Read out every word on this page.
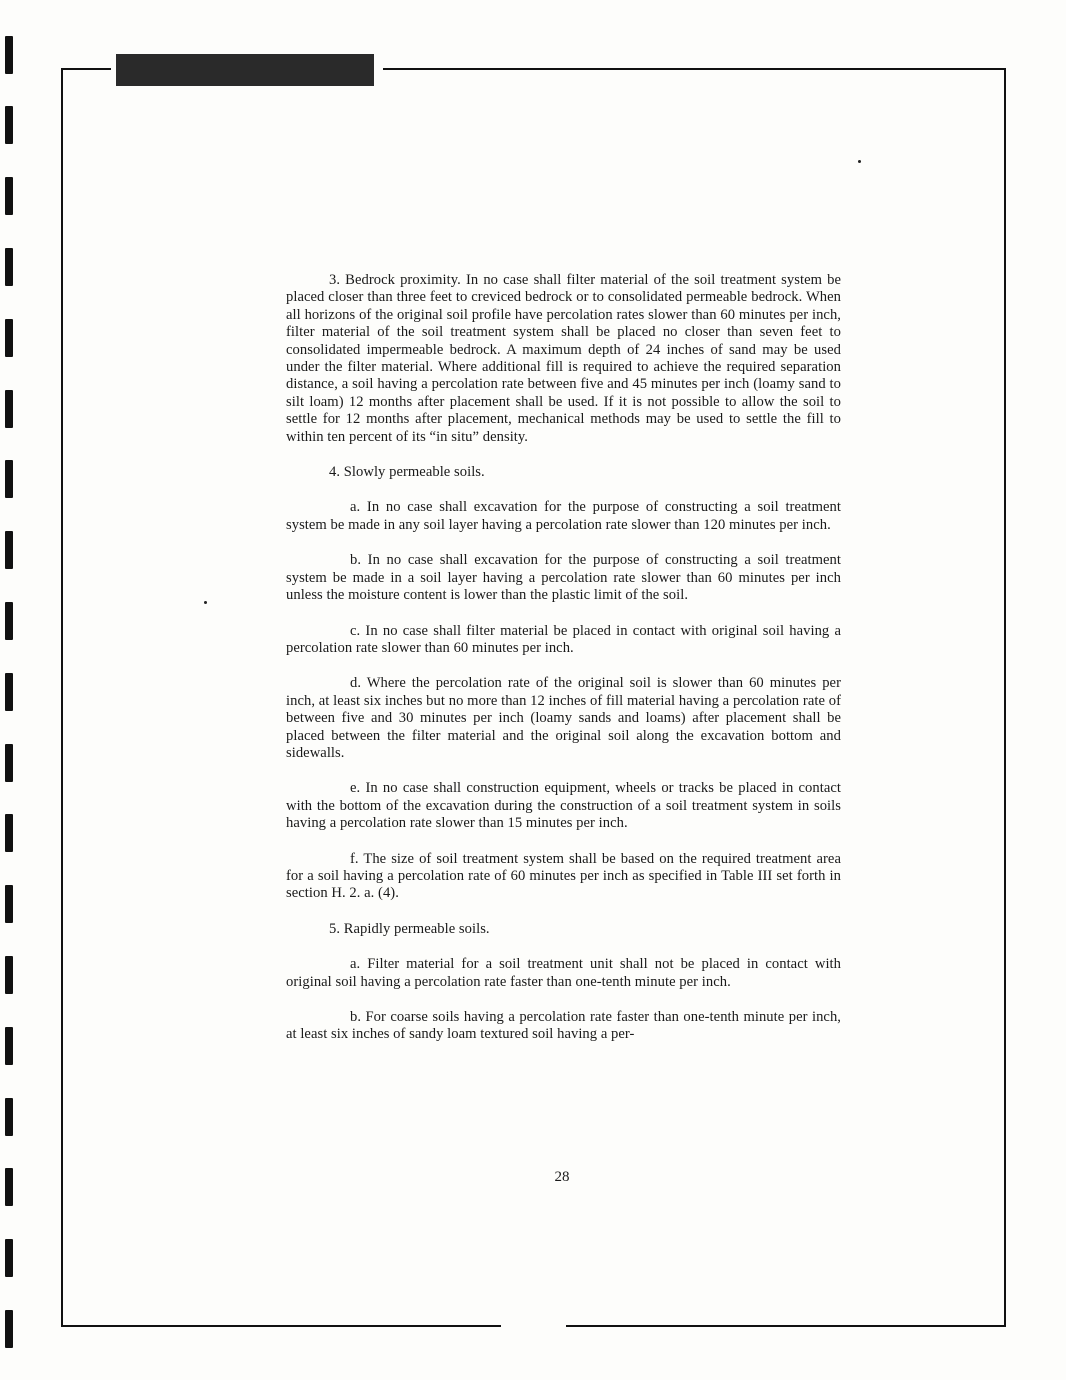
3. Bedrock proximity. In no case shall filter material of the soil treatment system be placed closer than three feet to creviced bedrock or to consolidated permeable bedrock. When all horizons of the original soil profile have percolation rates slower than 60 minutes per inch, filter material of the soil treatment system shall be placed no closer than seven feet to consolidated impermeable bedrock. A maximum depth of 24 inches of sand may be used under the filter material. Where additional fill is required to achieve the required separation distance, a soil having a percolation rate between five and 45 minutes per inch (loamy sand to silt loam) 12 months after placement shall be used. If it is not possible to allow the soil to settle for 12 months after placement, mechanical methods may be used to settle the fill to within ten percent of its “in situ” density.

4. Slowly permeable soils.

a. In no case shall excavation for the purpose of constructing a soil treatment system be made in any soil layer having a percolation rate slower than 120 minutes per inch.

b. In no case shall excavation for the purpose of constructing a soil treatment system be made in a soil layer having a percolation rate slower than 60 minutes per inch unless the moisture content is lower than the plastic limit of the soil.

c. In no case shall filter material be placed in contact with original soil having a percolation rate slower than 60 minutes per inch.

d. Where the percolation rate of the original soil is slower than 60 minutes per inch, at least six inches but no more than 12 inches of fill material having a percolation rate of between five and 30 minutes per inch (loamy sands and loams) after placement shall be placed between the filter material and the original soil along the excavation bottom and sidewalls.

e. In no case shall construction equipment, wheels or tracks be placed in contact with the bottom of the excavation during the construction of a soil treatment system in soils having a percolation rate slower than 15 minutes per inch.

f. The size of soil treatment system shall be based on the required treatment area for a soil having a percolation rate of 60 minutes per inch as specified in Table III set forth in section H. 2. a. (4).

5. Rapidly permeable soils.

a. Filter material for a soil treatment unit shall not be placed in contact with original soil having a percolation rate faster than one-tenth minute per inch.

b. For coarse soils having a percolation rate faster than one-tenth minute per inch, at least six inches of sandy loam textured soil having a per-

28
